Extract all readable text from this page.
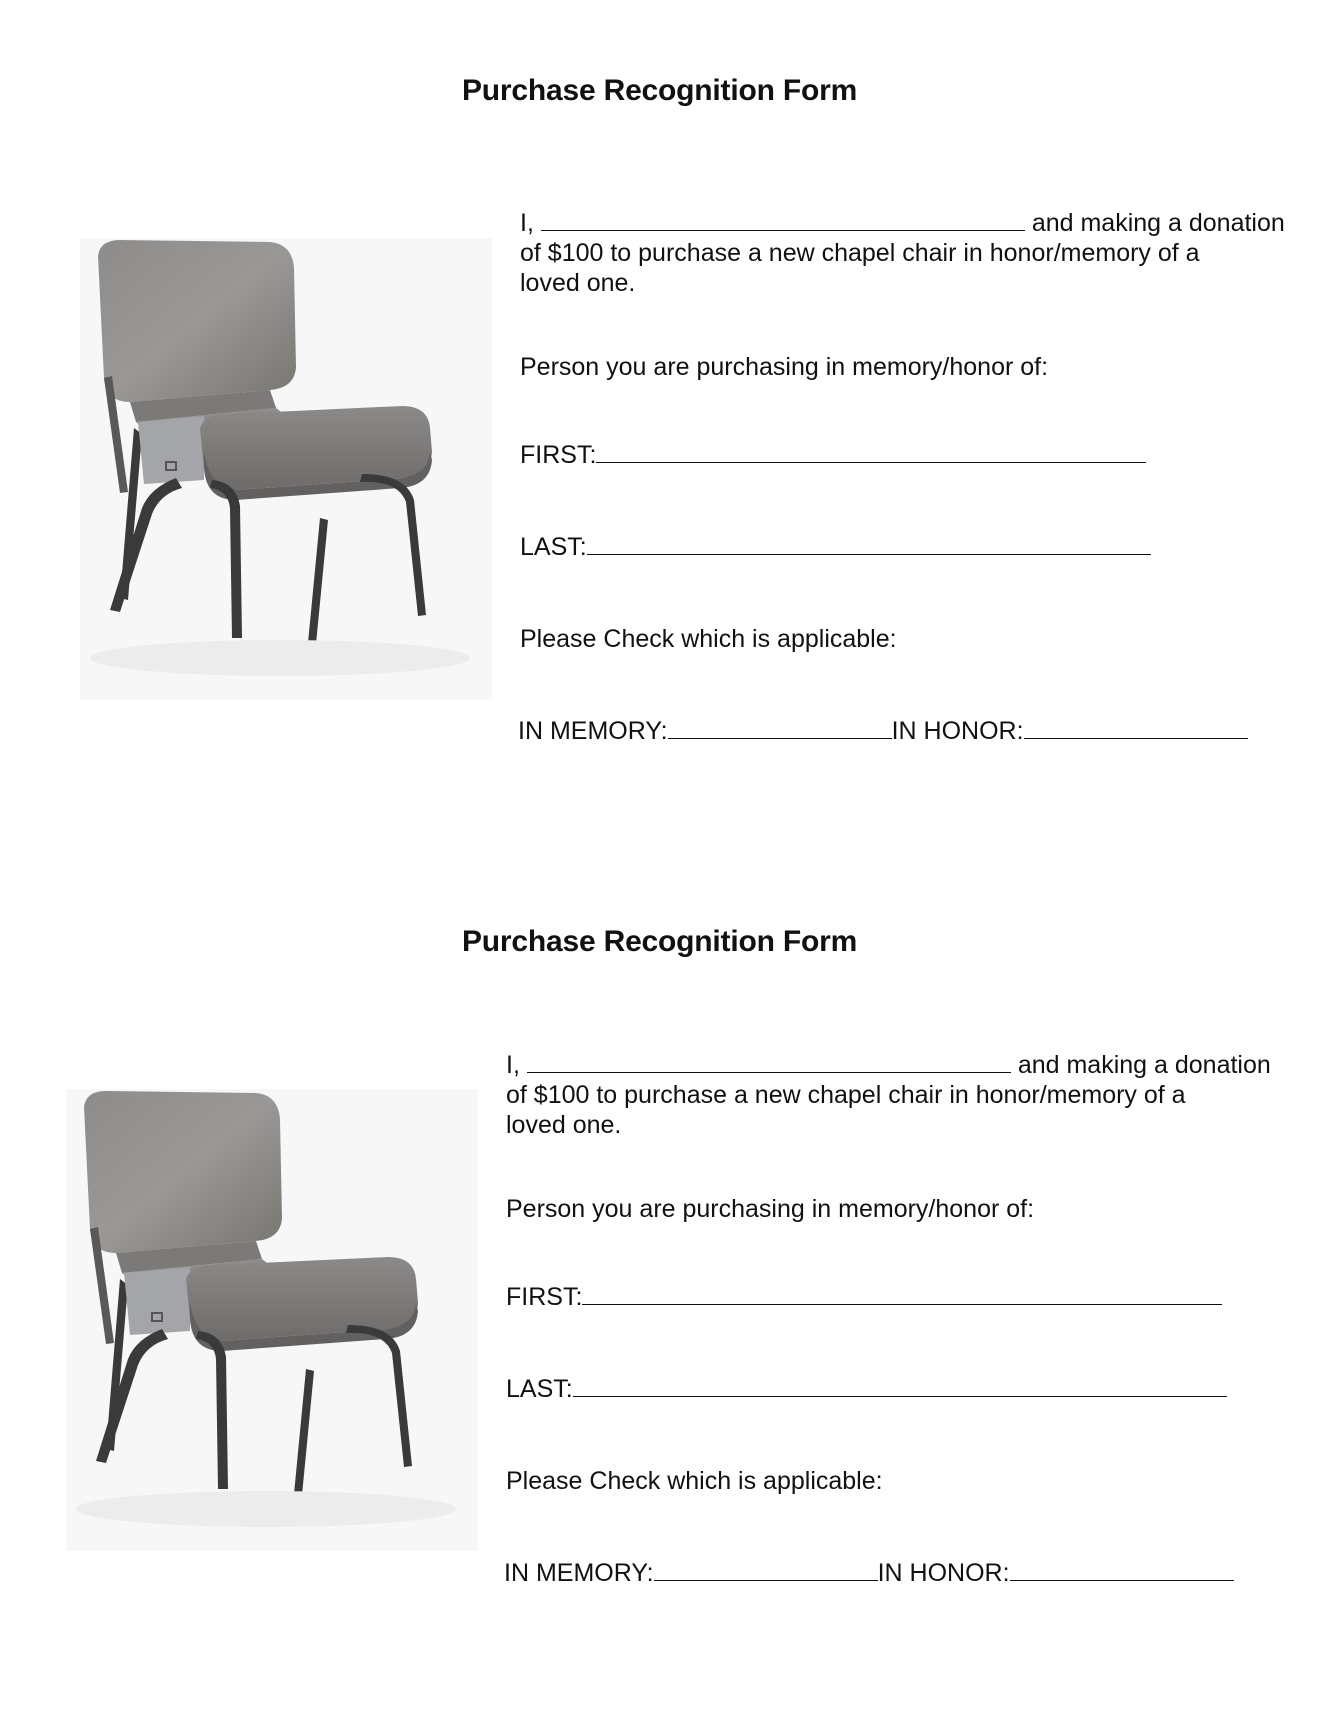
Purchase Recognition Form
I,	and making a donation
of $100 to purchase a new chapel chair in honor/memory of a
loved one.
Person you are purchasing in memory/honor of:
FIRST:
LAST:
Please Check which is applicable:
IN MEMORY:	IN HONOR:
Purchase Recognition Form
I,	and making a donation
of $100 to purchase a new chapel chair in honor/memory of a
loved one.
Person you are purchasing in memory/honor of:
FIRST:
LAST:
Please Check which is applicable:
IN MEMORY:	IN HONOR:
